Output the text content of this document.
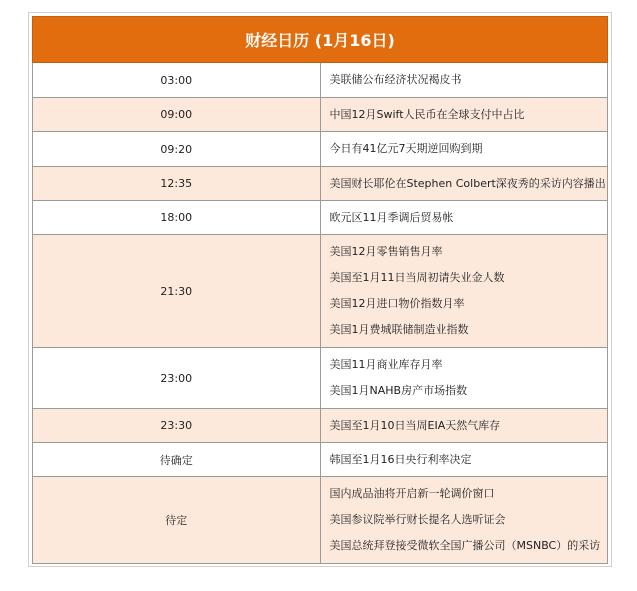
财经日历 (1月16日)	
03:00	美联储公布经济状况褐皮书

09:00	中国12月Swift人民币在全球支付中占比

09:20	今日有41亿元7天期逆回购到期

12:35	美国财长耶伦在Stephen Colbert深夜秀的采访内容播出

18:00	欧元区11月季调后贸易帐

21:30	美国12月零售销售月率
美国至1月11日当周初请失业金人数
美国12月进口物价指数月率
美国1月费城联储制造业指数

23:00	美国11月商业库存月率
美国1月NAHB房产市场指数

23:30	美国至1月10日当周EIA天然气库存

待确定	韩国至1月16日央行利率决定

待定	国内成品油将开启新一轮调价窗口
美国参议院举行财长提名人选听证会
美国总统拜登接受微软全国广播公司（MSNBC）的采访
